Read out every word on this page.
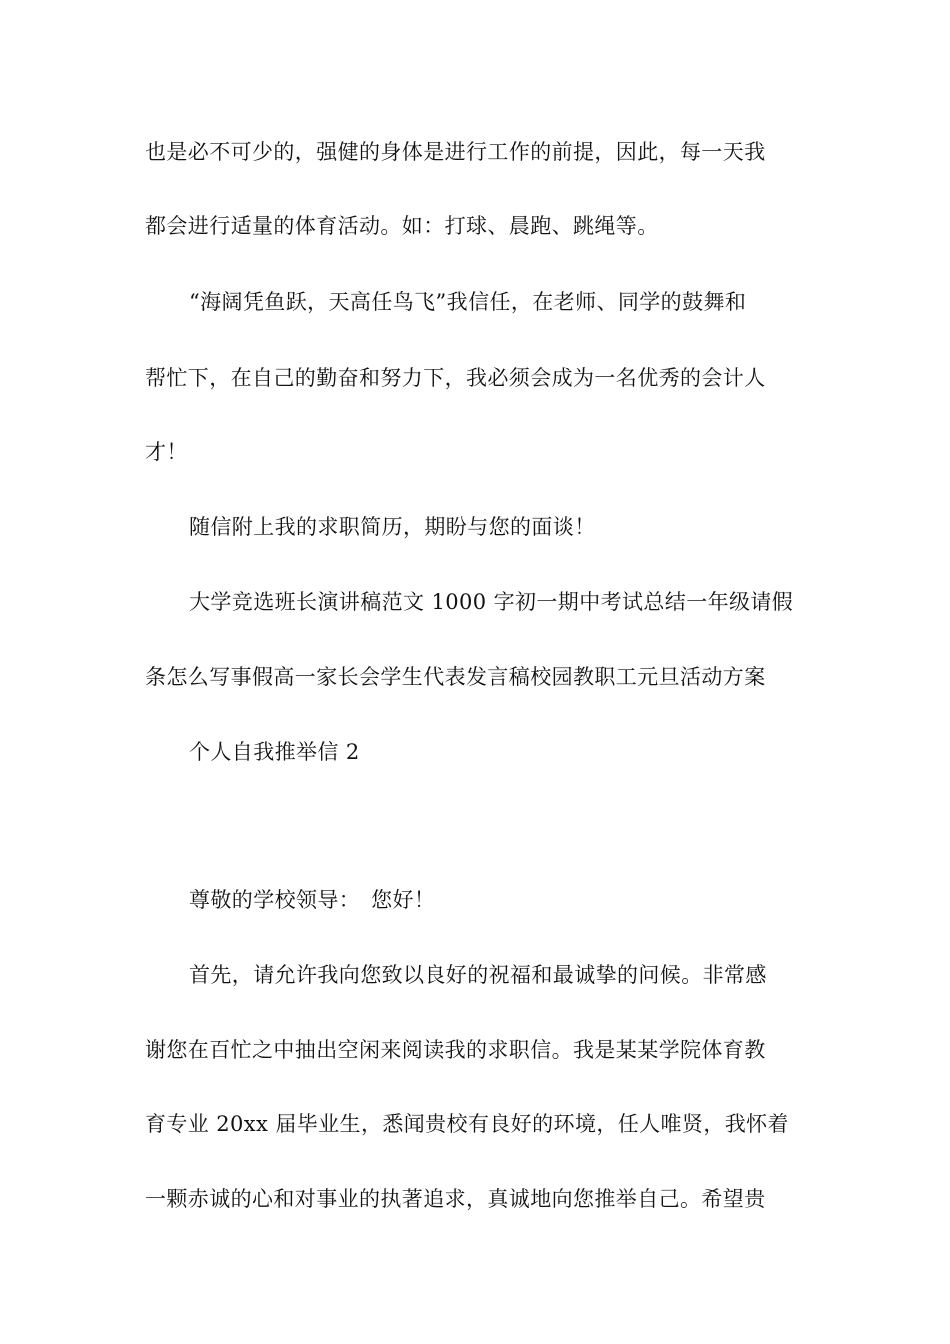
也是必不可少的，强健的身体是进行工作的前提，因此，每一天我
都会进行适量的体育活动。如：打球、晨跑、跳绳等。
“海阔凭鱼跃，天高任鸟飞”我信任，在老师、同学的鼓舞和
帮忙下，在自己的勤奋和努力下，我必须会成为一名优秀的会计人
才！
随信附上我的求职简历，期盼与您的面谈！
大学竞选班长演讲稿范文 1000 字初一期中考试总结一年级请假
条怎么写事假高一家长会学生代表发言稿校园教职工元旦活动方案
个人自我推举信 2
尊敬的学校领导：　您好！
首先，请允许我向您致以良好的祝福和最诚挚的问候。非常感
谢您在百忙之中抽出空闲来阅读我的求职信。我是某某学院体育教
育专业 20xx 届毕业生，悉闻贵校有良好的环境，任人唯贤，我怀着
一颗赤诚的心和对事业的执著追求，真诚地向您推举自己。希望贵
